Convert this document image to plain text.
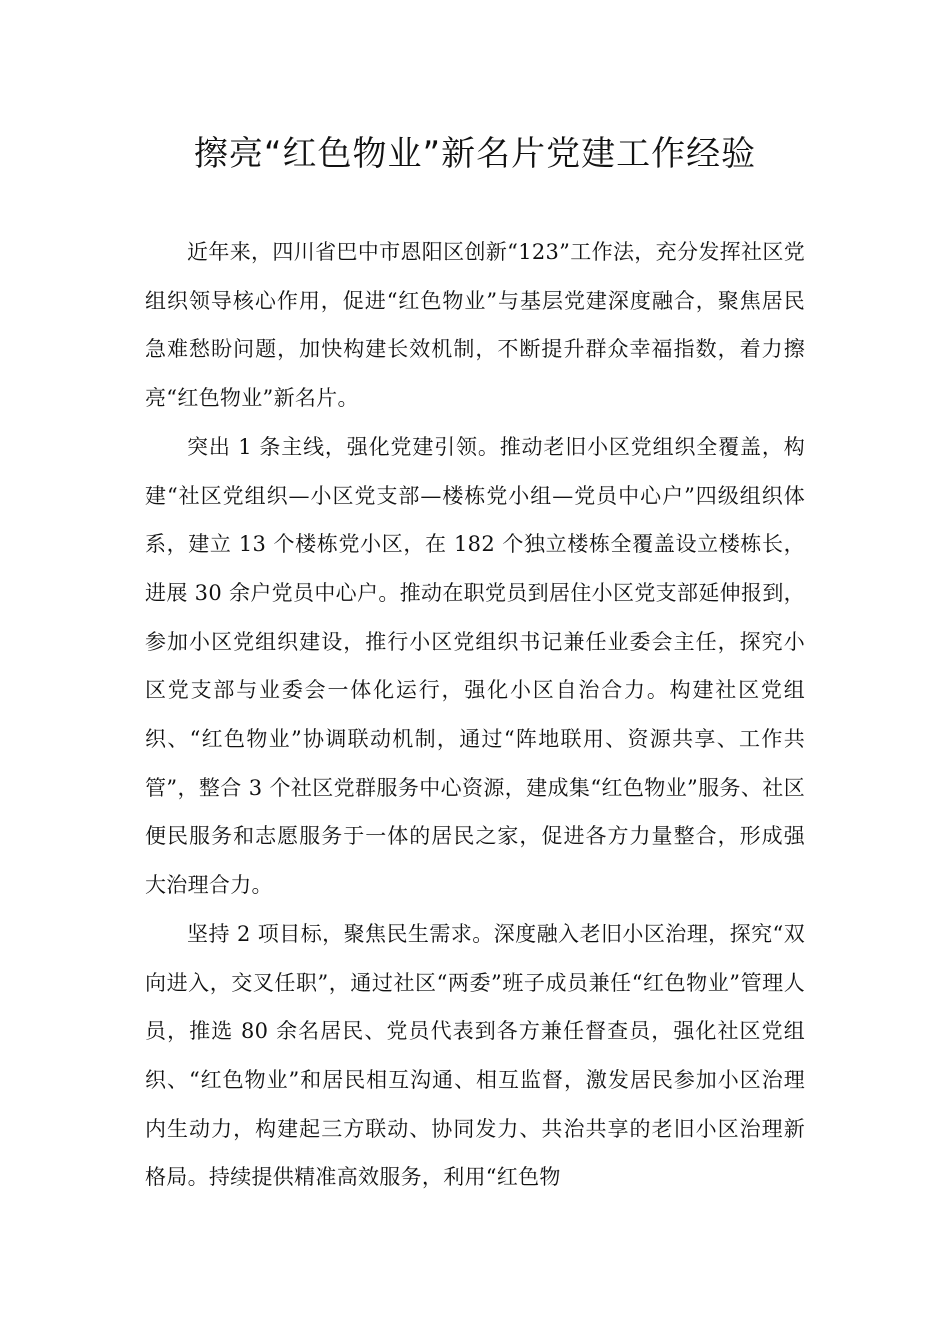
擦亮“红色物业”新名片党建工作经验

近年来，四川省巴中市恩阳区创新“123”工作法，充分发挥社区党组织领导核心作用，促进“红色物业”与基层党建深度融合，聚焦居民急难愁盼问题，加快构建长效机制，不断提升群众幸福指数，着力擦亮“红色物业”新名片。

突出 1 条主线，强化党建引领。推动老旧小区党组织全覆盖，构建“社区党组织—小区党支部—楼栋党小组—党员中心户”四级组织体系，建立 13 个楼栋党小区，在 182 个独立楼栋全覆盖设立楼栋长，进展 30 余户党员中心户。推动在职党员到居住小区党支部延伸报到，参加小区党组织建设，推行小区党组织书记兼任业委会主任，探究小区党支部与业委会一体化运行，强化小区自治合力。构建社区党组织、“红色物业”协调联动机制，通过“阵地联用、资源共享、工作共管”，整合 3 个社区党群服务中心资源，建成集“红色物业”服务、社区便民服务和志愿服务于一体的居民之家，促进各方力量整合，形成强大治理合力。

坚持 2 项目标，聚焦民生需求。深度融入老旧小区治理，探究“双向进入，交叉任职”，通过社区“两委”班子成员兼任“红色物业”管理人员，推选 80 余名居民、党员代表到各方兼任督查员，强化社区党组织、“红色物业”和居民相互沟通、相互监督，激发居民参加小区治理内生动力，构建起三方联动、协同发力、共治共享的老旧小区治理新格局。持续提供精准高效服务，利用“红色物
